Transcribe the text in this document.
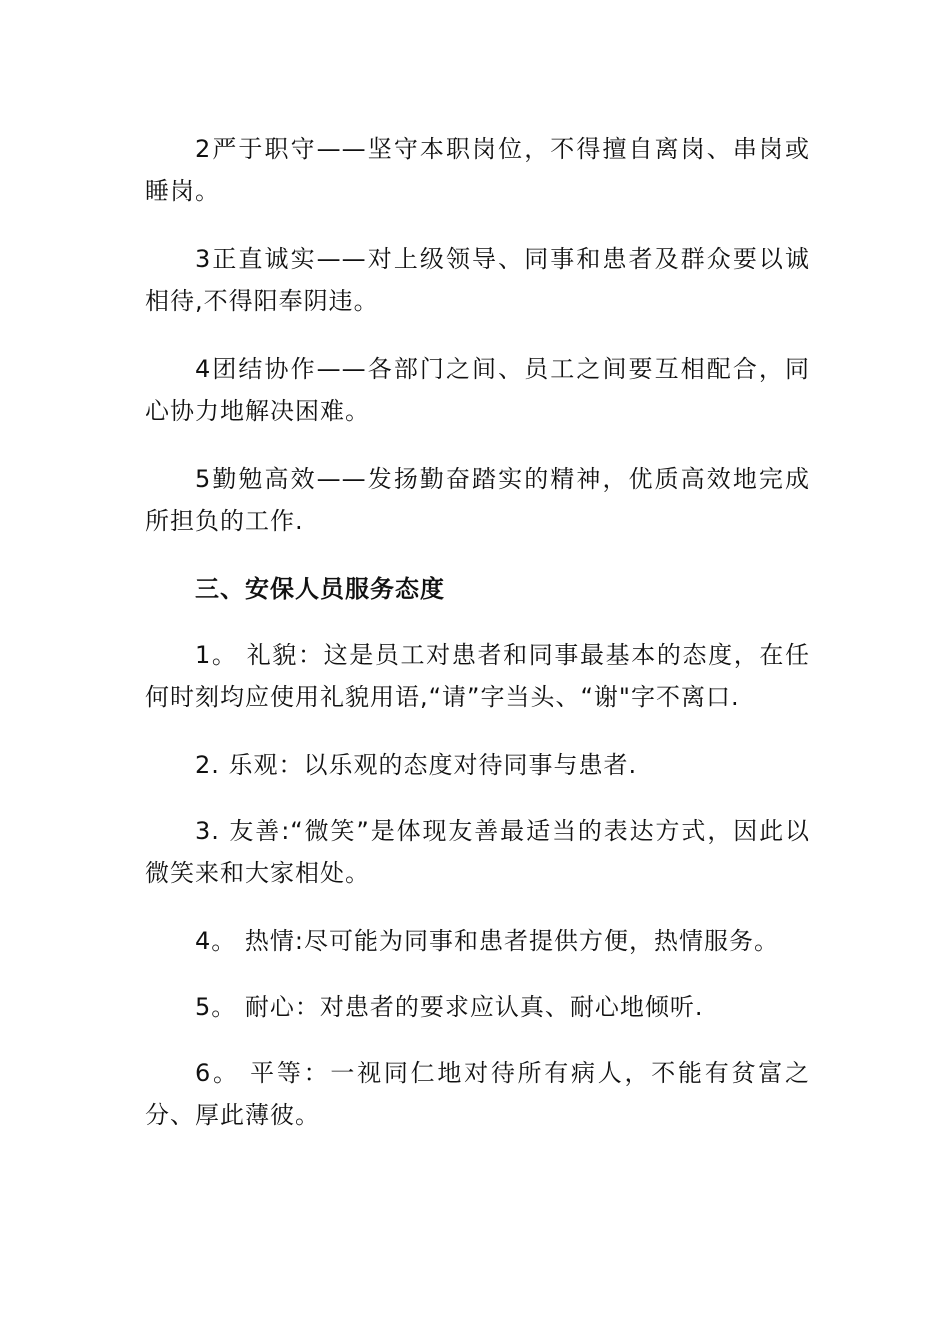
2严于职守——坚守本职岗位，不得擅自离岗、串岗或睡岗。

3正直诚实——对上级领导、同事和患者及群众要以诚相待,不得阳奉阴违。

4团结协作——各部门之间、员工之间要互相配合，同心协力地解决困难。

5勤勉高效——发扬勤奋踏实的精神，优质高效地完成所担负的工作.

三、安保人员服务态度

1。 礼貌：这是员工对患者和同事最基本的态度，在任何时刻均应使用礼貌用语,“请”字当头、“谢"字不离口.

2. 乐观：以乐观的态度对待同事与患者.

3. 友善:“微笑”是体现友善最适当的表达方式，因此以微笑来和大家相处。

4。 热情:尽可能为同事和患者提供方便，热情服务。

5。 耐心：对患者的要求应认真、耐心地倾听.

6。 平等：一视同仁地对待所有病人，不能有贫富之分、厚此薄彼。
